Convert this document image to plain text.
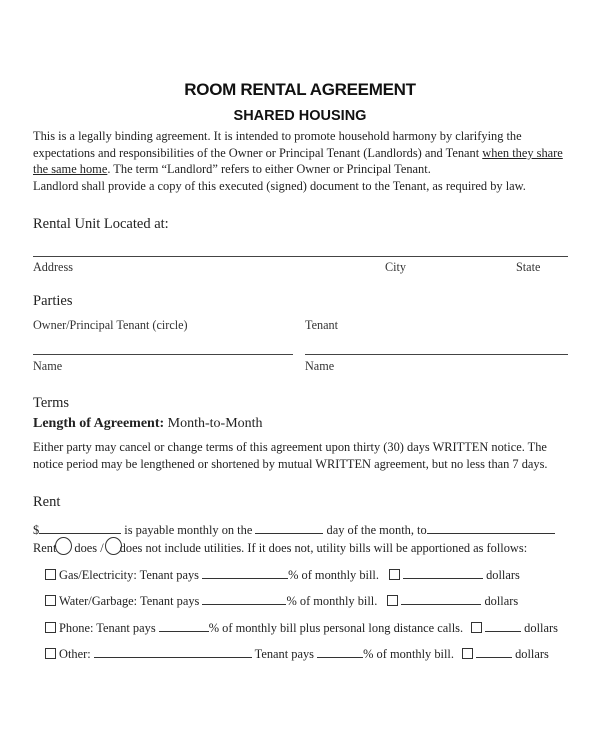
ROOM RENTAL AGREEMENT
SHARED HOUSING
This is a legally binding agreement. It is intended to promote household harmony by clarifying the
expectations and responsibilities of the Owner or Principal Tenant (Landlords) and Tenant when they share
the same home. The term “Landlord” refers to either Owner or Principal Tenant.
Landlord shall provide a copy of this executed (signed) document to the Tenant, as required by law.
Rental Unit Located at:
Address	City	State
Parties
Owner/Principal Tenant (circle)	Tenant
Name	Name
Terms
Length of Agreement: Month-to-Month
Either party may cancel or change terms of this agreement upon thirty (30) days WRITTEN notice. The
notice period may be lengthened or shortened by mutual WRITTEN agreement, but no less than 7 days.
Rent
$	is payable monthly on the	day of the month, to
Rent does / does not include utilities. If it does not, utility bills will be apportioned as follows:
Gas/Electricity: Tenant pays	% of monthly bill.	dollars
Water/Garbage: Tenant pays	% of monthly bill.	dollars
Phone: Tenant pays	% of monthly bill plus personal long distance calls.	dollars
Other:	Tenant pays	% of monthly bill.	dollars
